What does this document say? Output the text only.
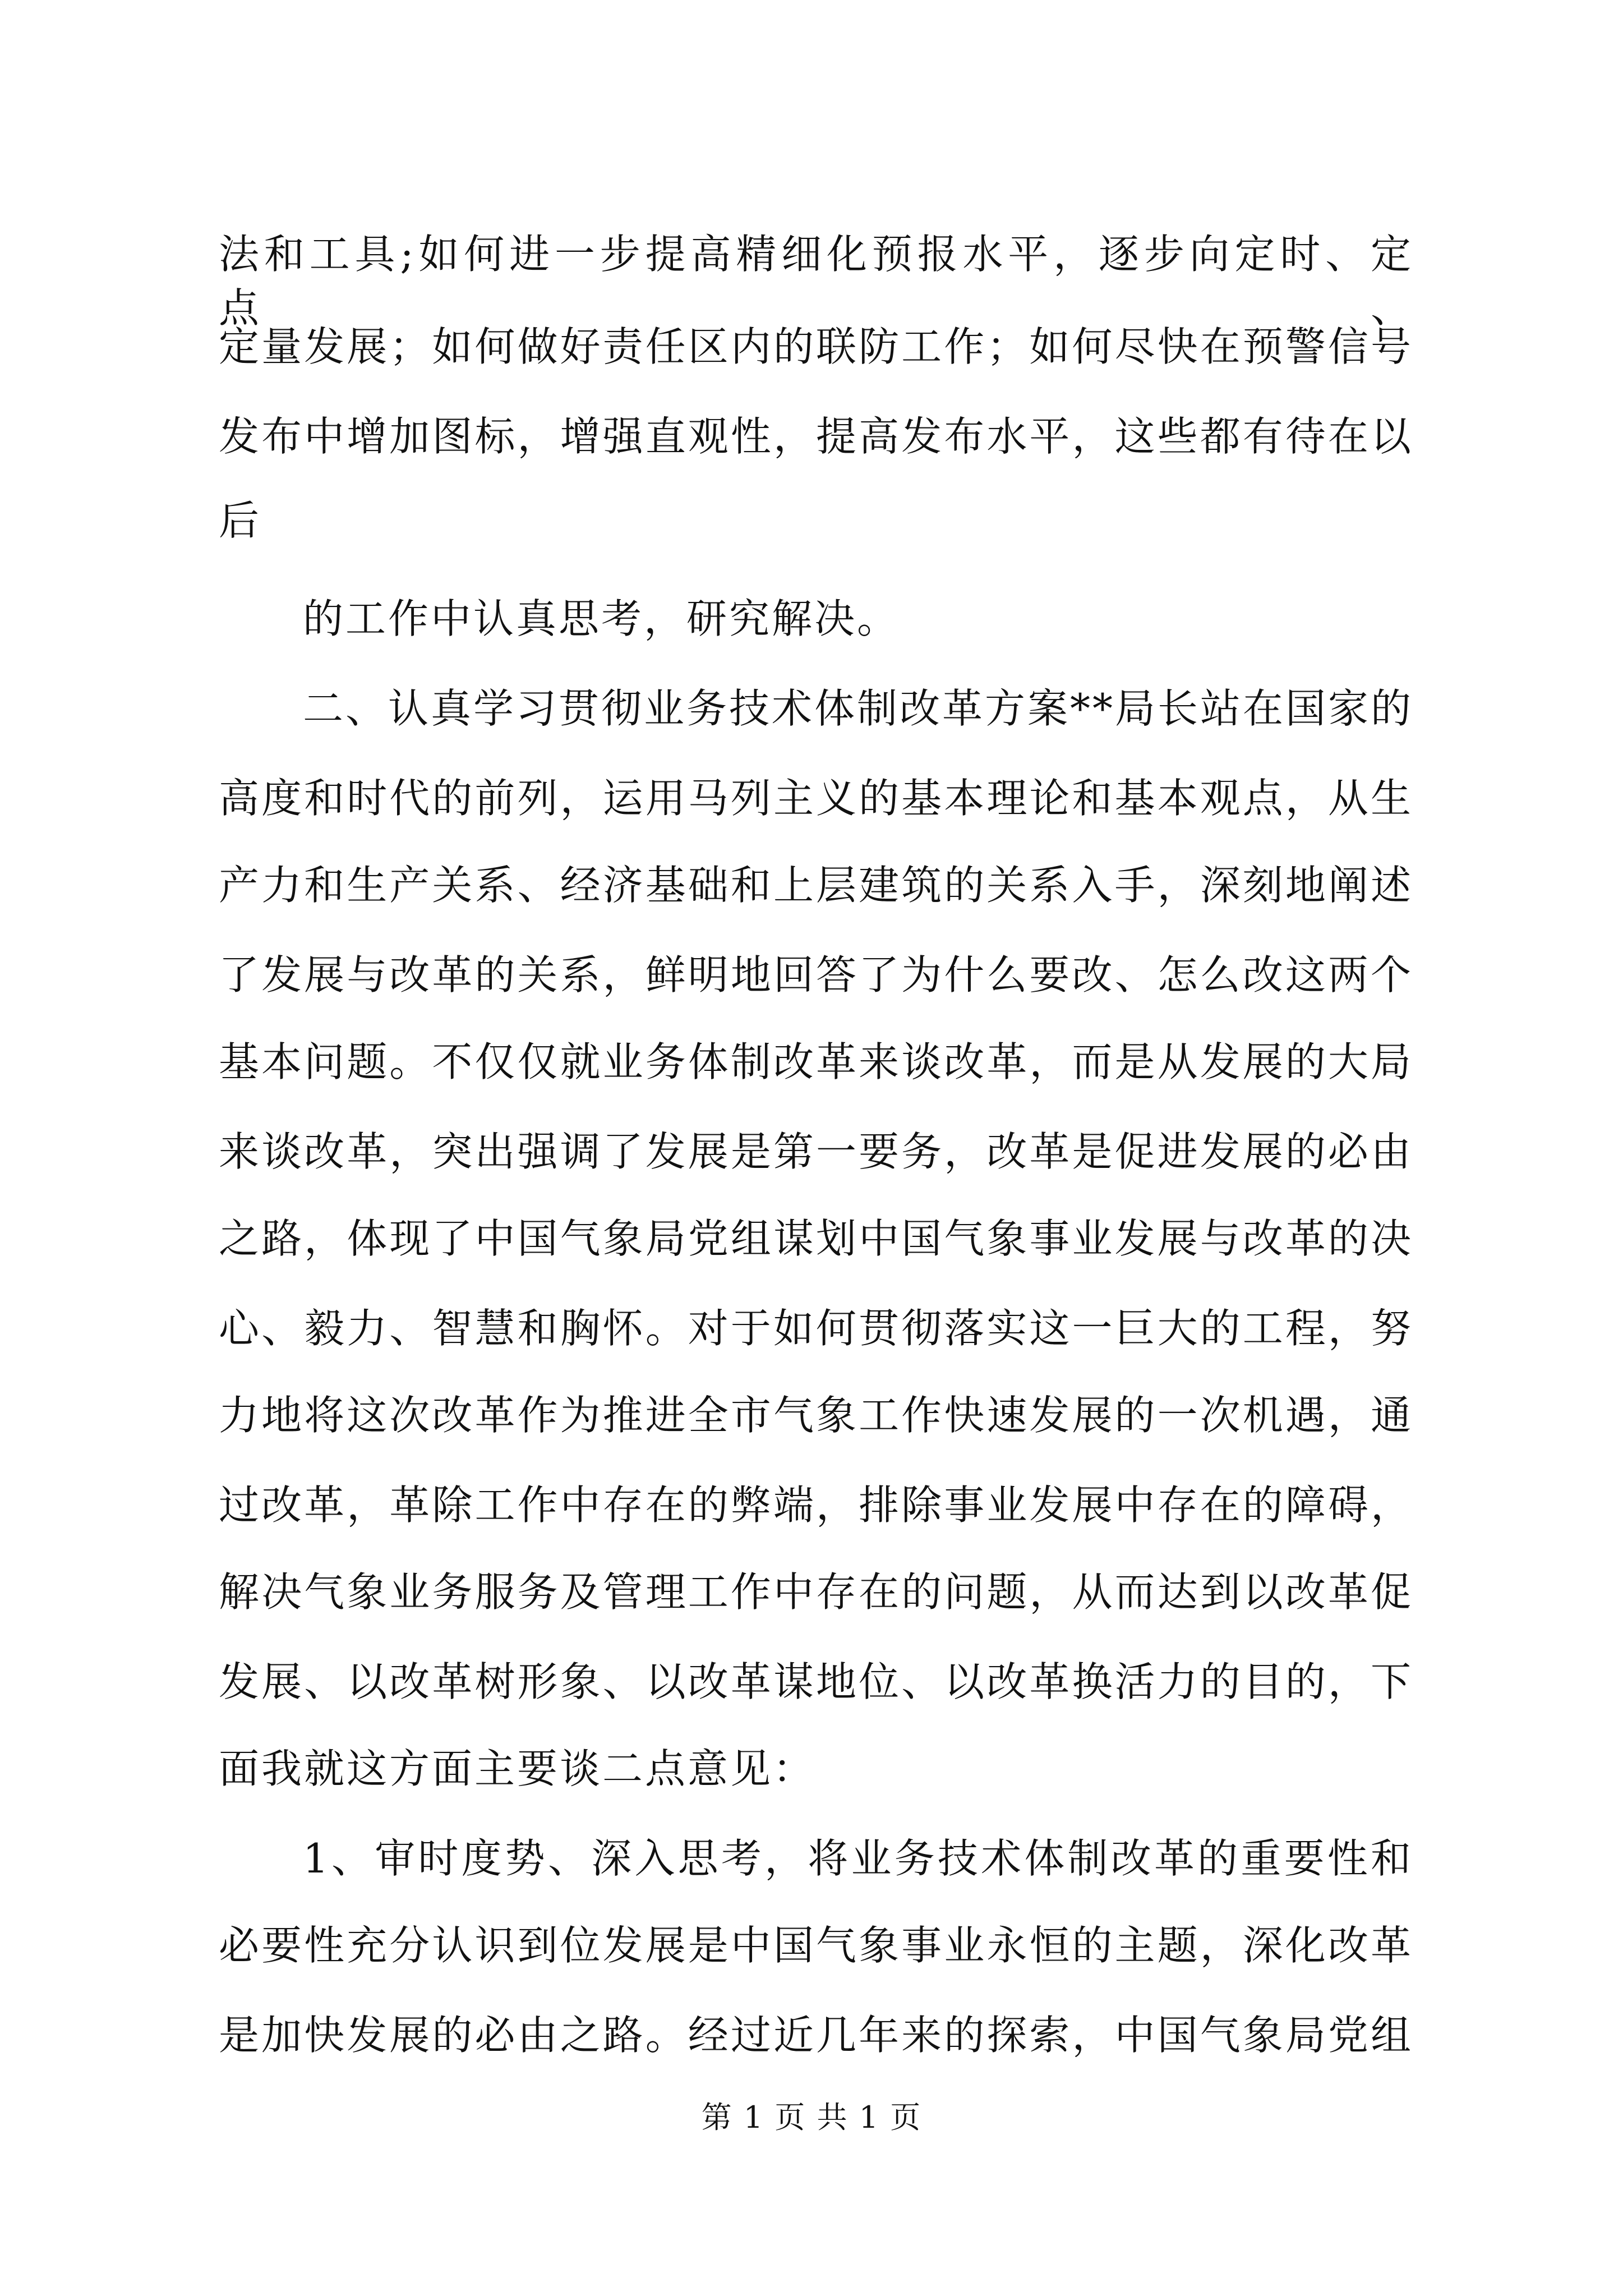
法和工具;如何进一步提高精细化预报水平，逐步向定时、定点、
定量发展；如何做好责任区内的联防工作；如何尽快在预警信号
发布中增加图标，增强直观性，提高发布水平，这些都有待在以
后
的工作中认真思考，研究解决。
二、认真学习贯彻业务技术体制改革方案**局长站在国家的
高度和时代的前列，运用马列主义的基本理论和基本观点，从生
产力和生产关系、经济基础和上层建筑的关系入手，深刻地阐述
了发展与改革的关系，鲜明地回答了为什么要改、怎么改这两个
基本问题。不仅仅就业务体制改革来谈改革，而是从发展的大局
来谈改革，突出强调了发展是第一要务，改革是促进发展的必由
之路，体现了中国气象局党组谋划中国气象事业发展与改革的决
心、毅力、智慧和胸怀。对于如何贯彻落实这一巨大的工程，努
力地将这次改革作为推进全市气象工作快速发展的一次机遇，通
过改革，革除工作中存在的弊端，排除事业发展中存在的障碍，
解决气象业务服务及管理工作中存在的问题，从而达到以改革促
发展、以改革树形象、以改革谋地位、以改革换活力的目的，下
面我就这方面主要谈二点意见：
1、审时度势、深入思考，将业务技术体制改革的重要性和
必要性充分认识到位发展是中国气象事业永恒的主题，深化改革
是加快发展的必由之路。经过近几年来的探索，中国气象局党组
第 1 页 共 1 页
